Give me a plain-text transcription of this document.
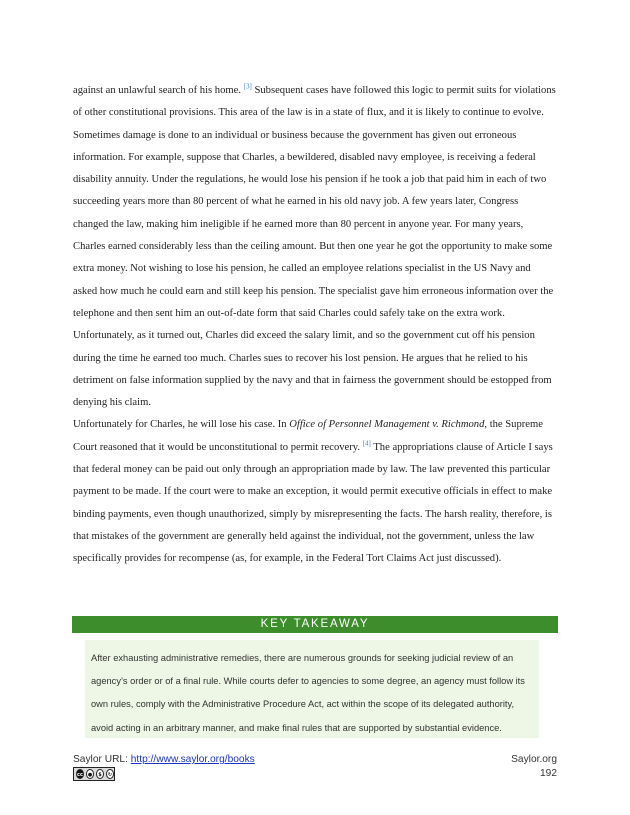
against an unlawful search of his home. [3] Subsequent cases have followed this logic to permit suits for violations of other constitutional provisions. This area of the law is in a state of flux, and it is likely to continue to evolve.

Sometimes damage is done to an individual or business because the government has given out erroneous information. For example, suppose that Charles, a bewildered, disabled navy employee, is receiving a federal disability annuity. Under the regulations, he would lose his pension if he took a job that paid him in each of two succeeding years more than 80 percent of what he earned in his old navy job. A few years later, Congress changed the law, making him ineligible if he earned more than 80 percent in anyone year. For many years, Charles earned considerably less than the ceiling amount. But then one year he got the opportunity to make some extra money. Not wishing to lose his pension, he called an employee relations specialist in the US Navy and asked how much he could earn and still keep his pension. The specialist gave him erroneous information over the telephone and then sent him an out-of-date form that said Charles could safely take on the extra work. Unfortunately, as it turned out, Charles did exceed the salary limit, and so the government cut off his pension during the time he earned too much. Charles sues to recover his lost pension. He argues that he relied to his detriment on false information supplied by the navy and that in fairness the government should be estopped from denying his claim.

Unfortunately for Charles, he will lose his case. In Office of Personnel Management v. Richmond, the Supreme Court reasoned that it would be unconstitutional to permit recovery. [4] The appropriations clause of Article I says that federal money can be paid out only through an appropriation made by law. The law prevented this particular payment to be made. If the court were to make an exception, it would permit executive officials in effect to make binding payments, even though unauthorized, simply by misrepresenting the facts. The harsh reality, therefore, is that mistakes of the government are generally held against the individual, not the government, unless the law specifically provides for recompense (as, for example, in the Federal Tort Claims Act just discussed).

KEY TAKEAWAY
After exhausting administrative remedies, there are numerous grounds for seeking judicial review of an agency’s order or of a final rule. While courts defer to agencies to some degree, an agency must follow its own rules, comply with the Administrative Procedure Act, act within the scope of its delegated authority, avoid acting in an arbitrary manner, and make final rules that are supported by substantial evidence.
Saylor URL: http://www.saylor.org/books	Saylor.org
192
cc ●	$	↻
